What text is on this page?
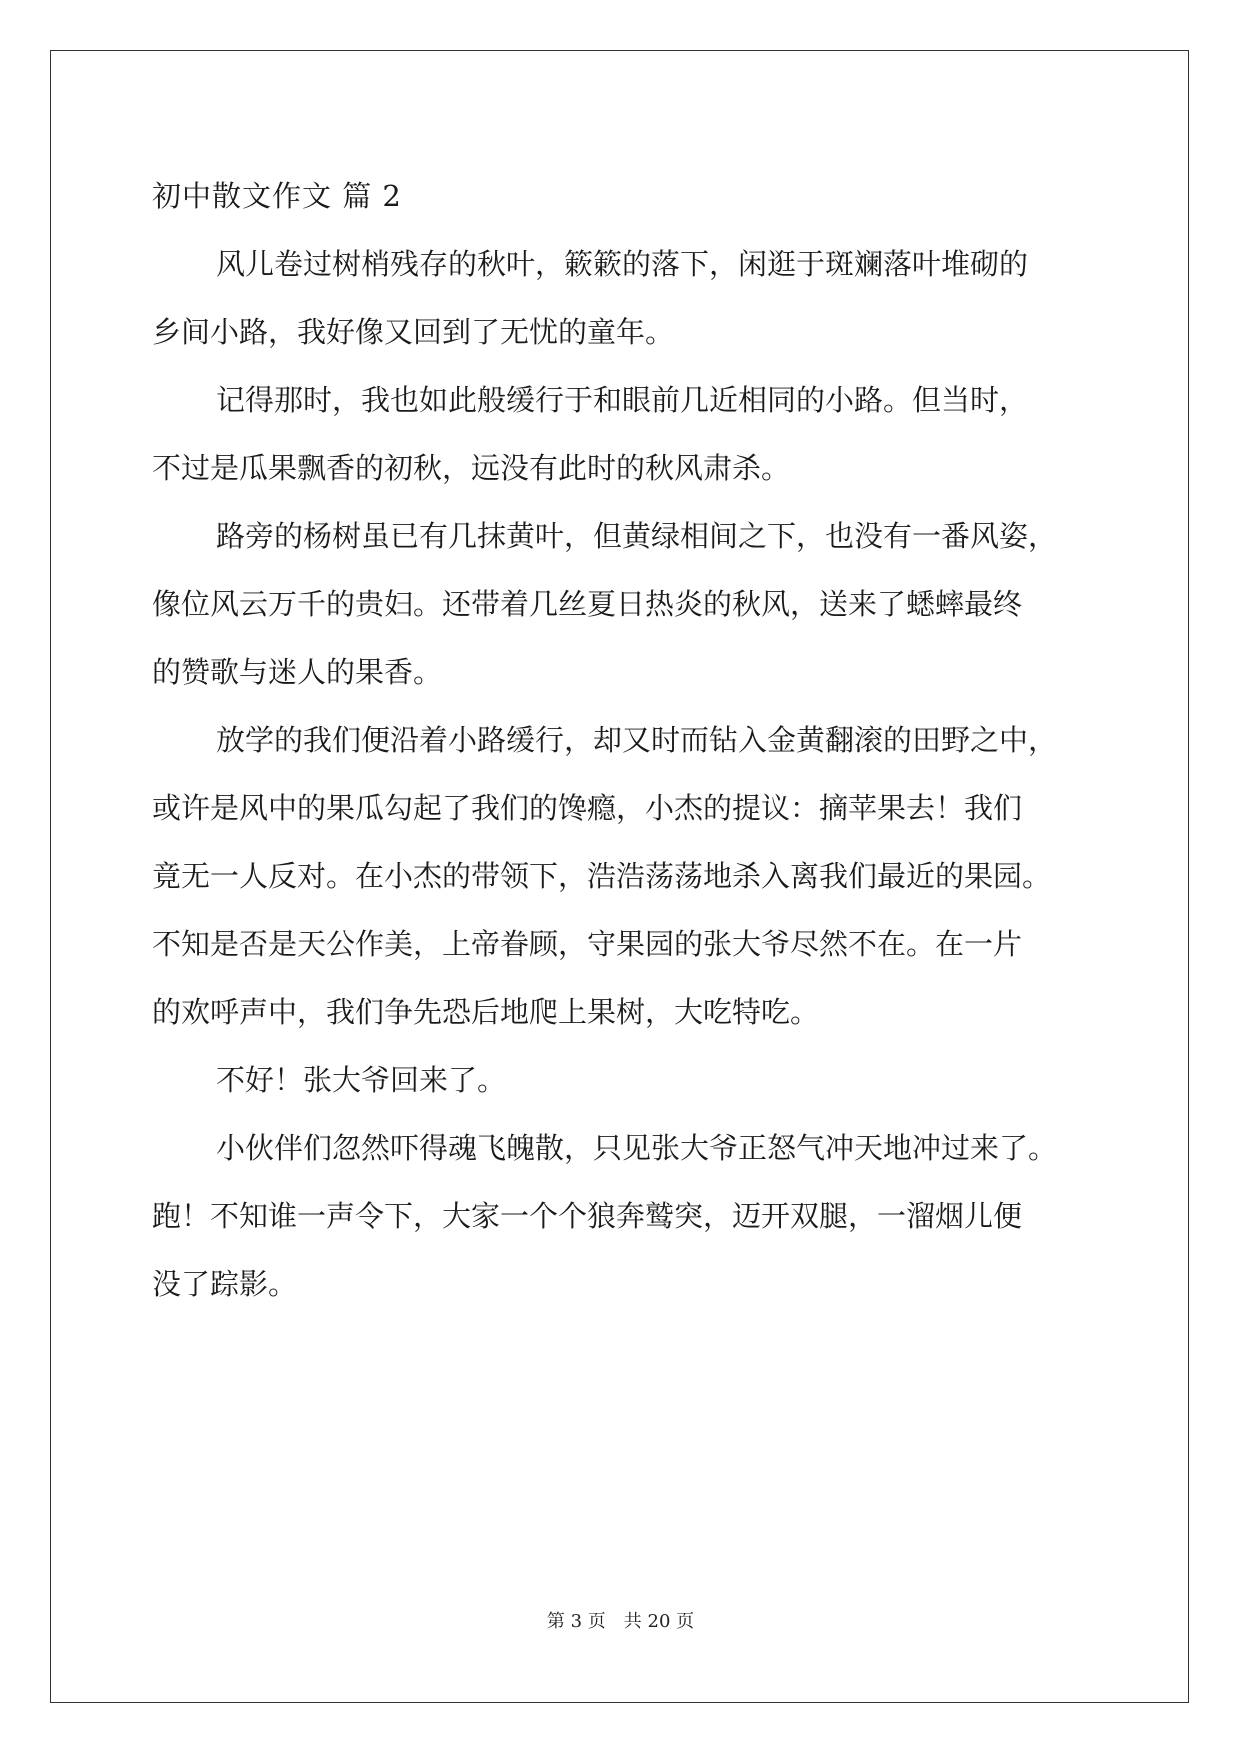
初中散文作文 篇 2
风儿卷过树梢残存的秋叶，簌簌的落下，闲逛于斑斓落叶堆砌的
乡间小路，我好像又回到了无忧的童年。
记得那时，我也如此般缓行于和眼前几近相同的小路。但当时，
不过是瓜果飘香的初秋，远没有此时的秋风肃杀。
路旁的杨树虽已有几抹黄叶，但黄绿相间之下，也没有一番风姿，
像位风云万千的贵妇。还带着几丝夏日热炎的秋风，送来了蟋蟀最终
的赞歌与迷人的果香。
放学的我们便沿着小路缓行，却又时而钻入金黄翻滚的田野之中，
或许是风中的果瓜勾起了我们的馋瘾，小杰的提议：摘苹果去！我们
竟无一人反对。在小杰的带领下，浩浩荡荡地杀入离我们最近的果园。
不知是否是天公作美，上帝眷顾，守果园的张大爷尽然不在。在一片
的欢呼声中，我们争先恐后地爬上果树，大吃特吃。
不好！张大爷回来了。
小伙伴们忽然吓得魂飞魄散，只见张大爷正怒气冲天地冲过来了。
跑！不知谁一声令下，大家一个个狼奔鹫突，迈开双腿，一溜烟儿便
没了踪影。
第 3 页　共 20 页
